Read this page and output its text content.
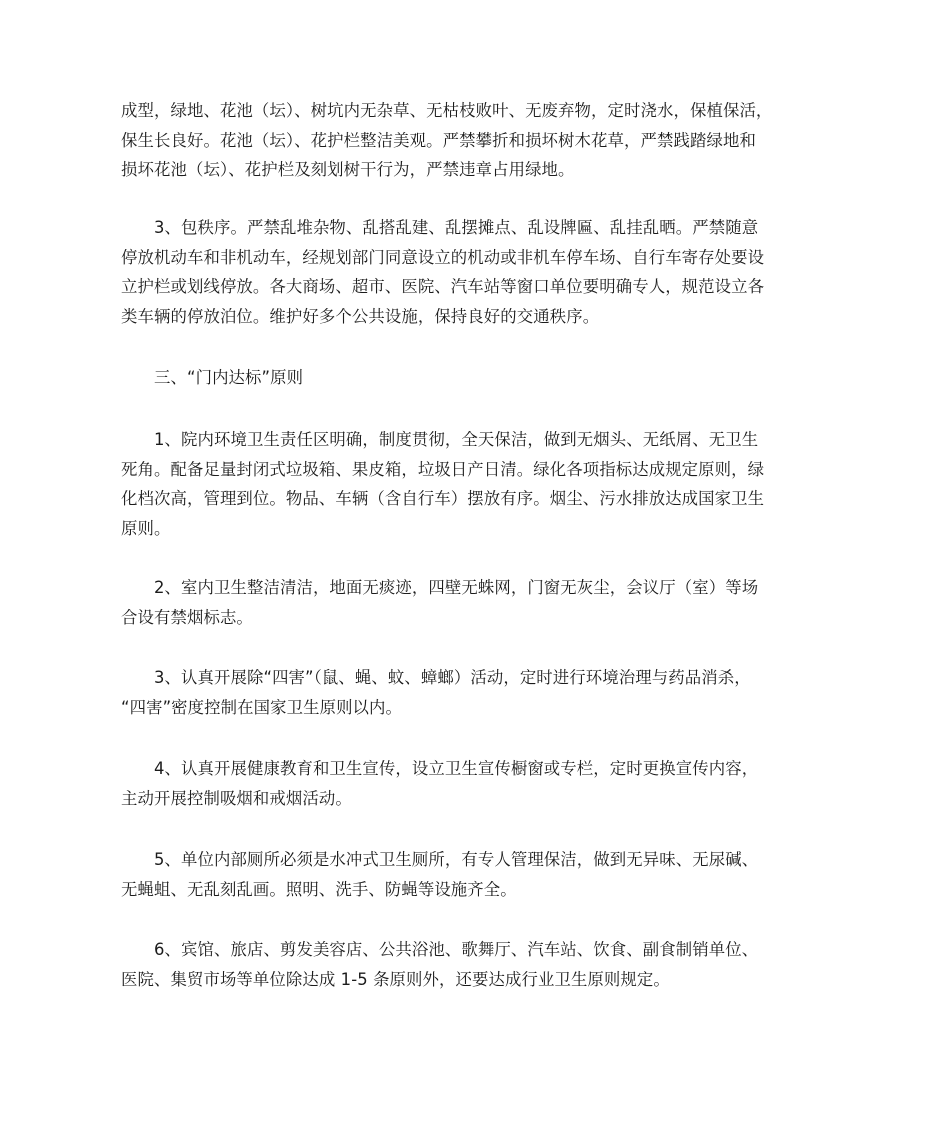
成型，绿地、花池（坛）、树坑内无杂草、无枯枝败叶、无废弃物，定时浇水，保植保活，
保生长良好。花池（坛）、花护栏整洁美观。严禁攀折和损坏树木花草，严禁践踏绿地和
损坏花池（坛）、花护栏及刻划树干行为，严禁违章占用绿地。

3、包秩序。严禁乱堆杂物、乱搭乱建、乱摆摊点、乱设牌匾、乱挂乱晒。严禁随意
停放机动车和非机动车，经规划部门同意设立的机动或非机车停车场、自行车寄存处要设
立护栏或划线停放。各大商场、超市、医院、汽车站等窗口单位要明确专人，规范设立各
类车辆的停放泊位。维护好多个公共设施，保持良好的交通秩序。

三、“门内达标”原则

1、院内环境卫生责任区明确，制度贯彻，全天保洁，做到无烟头、无纸屑、无卫生
死角。配备足量封闭式垃圾箱、果皮箱，垃圾日产日清。绿化各项指标达成规定原则，绿
化档次高，管理到位。物品、车辆（含自行车）摆放有序。烟尘、污水排放达成国家卫生
原则。

2、室内卫生整洁清洁，地面无痰迹，四壁无蛛网，门窗无灰尘，会议厅（室）等场
合设有禁烟标志。

3、认真开展除“四害”（鼠、蝇、蚊、蟑螂）活动，定时进行环境治理与药品消杀，
“四害”密度控制在国家卫生原则以内。

4、认真开展健康教育和卫生宣传，设立卫生宣传橱窗或专栏，定时更换宣传内容，
主动开展控制吸烟和戒烟活动。

5、单位内部厕所必须是水冲式卫生厕所，有专人管理保洁，做到无异味、无尿碱、
无蝇蛆、无乱刻乱画。照明、洗手、防蝇等设施齐全。

6、宾馆、旅店、剪发美容店、公共浴池、歌舞厅、汽车站、饮食、副食制销单位、
医院、集贸市场等单位除达成 1-5 条原则外，还要达成行业卫生原则规定。
